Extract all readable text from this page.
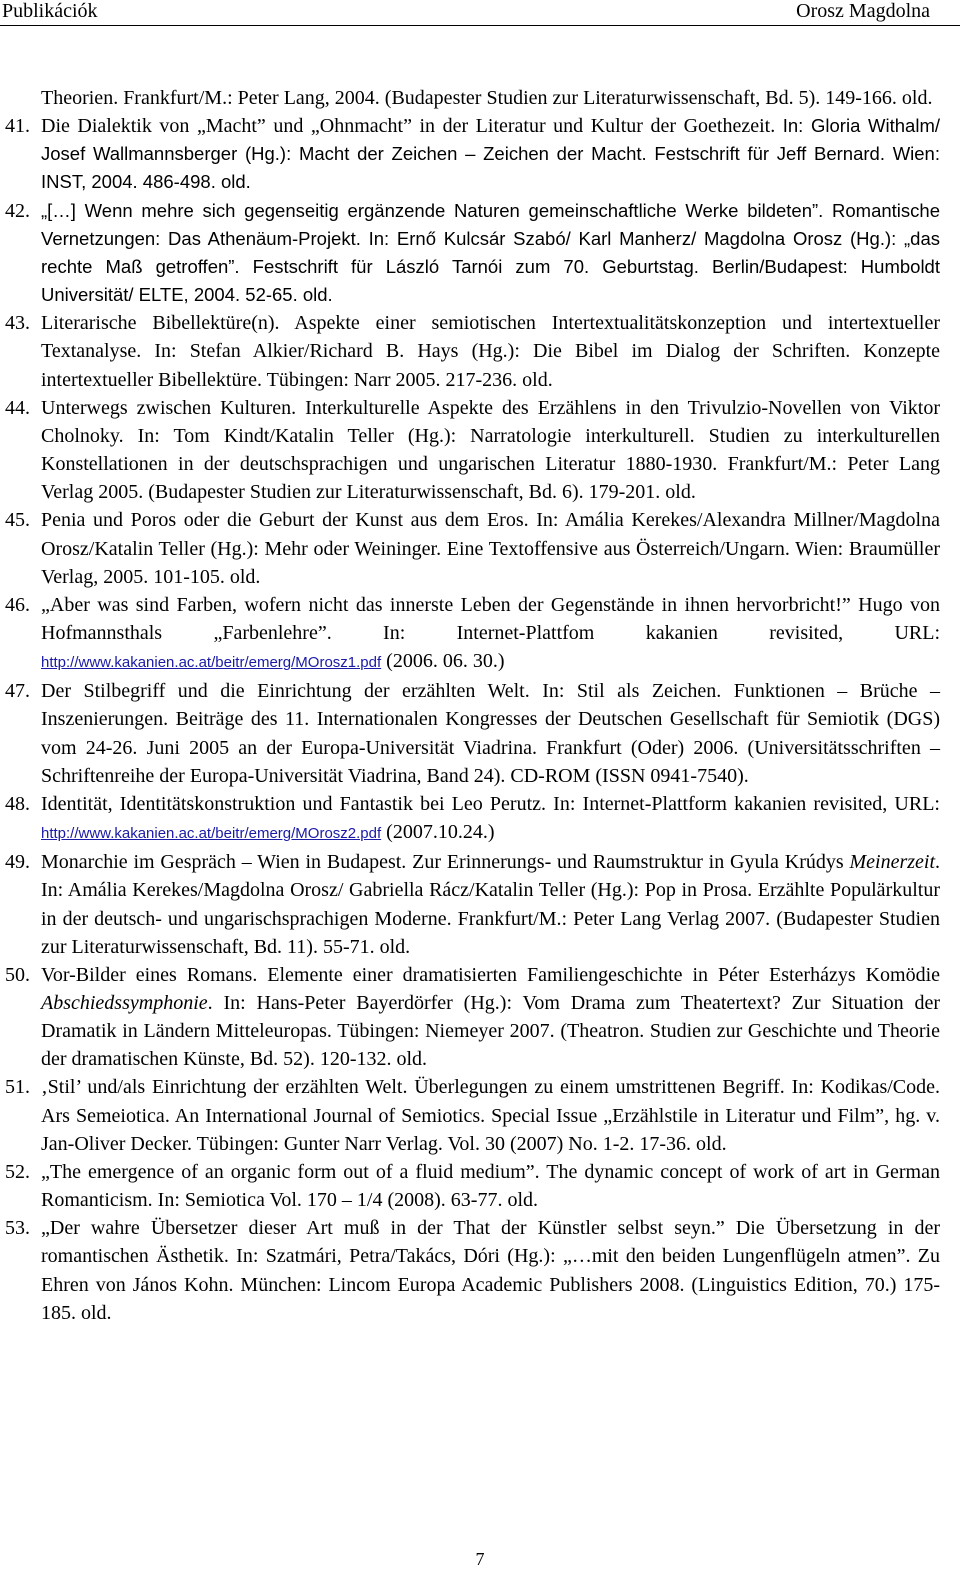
Publikációk	Orosz Magdolna
Theorien. Frankfurt/M.: Peter Lang, 2004. (Budapester Studien zur Literaturwissenschaft, Bd. 5). 149-166. old.
41. Die Dialektik von „Macht” und „Ohnmacht” in der Literatur und Kultur der Goethezeit. In: Gloria Withalm/ Josef Wallmannsberger (Hg.): Macht der Zeichen – Zeichen der Macht. Festschrift für Jeff Bernard. Wien: INST, 2004. 486-498. old.
42. „[…] Wenn mehre sich gegenseitig ergänzende Naturen gemeinschaftliche Werke bildeten”. Romantische Vernetzungen: Das Athenäum-Projekt. In: Ernő Kulcsár Szabó/ Karl Manherz/ Magdolna Orosz (Hg.): „das rechte Maß getroffen”. Festschrift für László Tarnói zum 70. Geburtstag. Berlin/Budapest: Humboldt Universität/ ELTE, 2004. 52-65. old.
43. Literarische Bibellektüre(n). Aspekte einer semiotischen Intertextualitätskonzeption und intertextueller Textanalyse. In: Stefan Alkier/Richard B. Hays (Hg.): Die Bibel im Dialog der Schriften. Konzepte intertextueller Bibellektüre. Tübingen: Narr 2005. 217-236. old.
44. Unterwegs zwischen Kulturen. Interkulturelle Aspekte des Erzählens in den Trivulzio-Novellen von Viktor Cholnoky. In: Tom Kindt/Katalin Teller (Hg.): Narratologie interkulturell. Studien zu interkulturellen Konstellationen in der deutschsprachigen und ungarischen Literatur 1880-1930. Frankfurt/M.: Peter Lang Verlag 2005. (Budapester Studien zur Literaturwissenschaft, Bd. 6). 179-201. old.
45. Penia und Poros oder die Geburt der Kunst aus dem Eros. In: Amália Kerekes/Alexandra Millner/Magdolna Orosz/Katalin Teller (Hg.): Mehr oder Weininger. Eine Textoffensive aus Österreich/Ungarn. Wien: Braumüller Verlag, 2005. 101-105. old.
46. „Aber was sind Farben, wofern nicht das innerste Leben der Gegenstände in ihnen hervorbricht!” Hugo von Hofmannsthals „Farbenlehre”. In: Internet-Plattfom kakanien revisited, URL: http://www.kakanien.ac.at/beitr/emerg/MOrosz1.pdf (2006. 06. 30.)
47. Der Stilbegriff und die Einrichtung der erzählten Welt. In: Stil als Zeichen. Funktionen – Brüche – Inszenierungen. Beiträge des 11. Internationalen Kongresses der Deutschen Gesellschaft für Semiotik (DGS) vom 24-26. Juni 2005 an der Europa-Universität Viadrina. Frankfurt (Oder) 2006. (Universitätsschriften – Schriftenreihe der Europa-Universität Viadrina, Band 24). CD-ROM (ISSN 0941-7540).
48. Identität, Identitätskonstruktion und Fantastik bei Leo Perutz. In: Internet-Plattform kakanien revisited, URL: http://www.kakanien.ac.at/beitr/emerg/MOrosz2.pdf (2007.10.24.)
49. Monarchie im Gespräch – Wien in Budapest. Zur Erinnerungs- und Raumstruktur in Gyula Krúdys Meinerzeit. In: Amália Kerekes/Magdolna Orosz/ Gabriella Rácz/Katalin Teller (Hg.): Pop in Prosa. Erzählte Populärkultur in der deutsch- und ungarischsprachigen Moderne. Frankfurt/M.: Peter Lang Verlag 2007. (Budapester Studien zur Literaturwissenschaft, Bd. 11). 55-71. old.
50. Vor-Bilder eines Romans. Elemente einer dramatisierten Familiengeschichte in Péter Esterházys Komödie Abschiedssymphonie. In: Hans-Peter Bayerdörfer (Hg.): Vom Drama zum Theatertext? Zur Situation der Dramatik in Ländern Mitteleuropas. Tübingen: Niemeyer 2007. (Theatron. Studien zur Geschichte und Theorie der dramatischen Künste, Bd. 52). 120-132. old.
51. ‚Stil’ und/als Einrichtung der erzählten Welt. Überlegungen zu einem umstrittenen Begriff. In: Kodikas/Code. Ars Semeiotica. An International Journal of Semiotics. Special Issue „Erzählstile in Literatur und Film”, hg. v. Jan-Oliver Decker. Tübingen: Gunter Narr Verlag. Vol. 30 (2007) No. 1-2. 17-36. old.
52. „The emergence of an organic form out of a fluid medium”. The dynamic concept of work of art in German Romanticism. In: Semiotica Vol. 170 – 1/4 (2008). 63-77. old.
53. „Der wahre Übersetzer dieser Art muß in der That der Künstler selbst seyn.” Die Übersetzung in der romantischen Ästhetik. In: Szatmári, Petra/Takács, Dóri (Hg.): „…mit den beiden Lungenflügeln atmen”. Zu Ehren von János Kohn. München: Lincom Europa Academic Publishers 2008. (Linguistics Edition, 70.) 175-185. old.
7
